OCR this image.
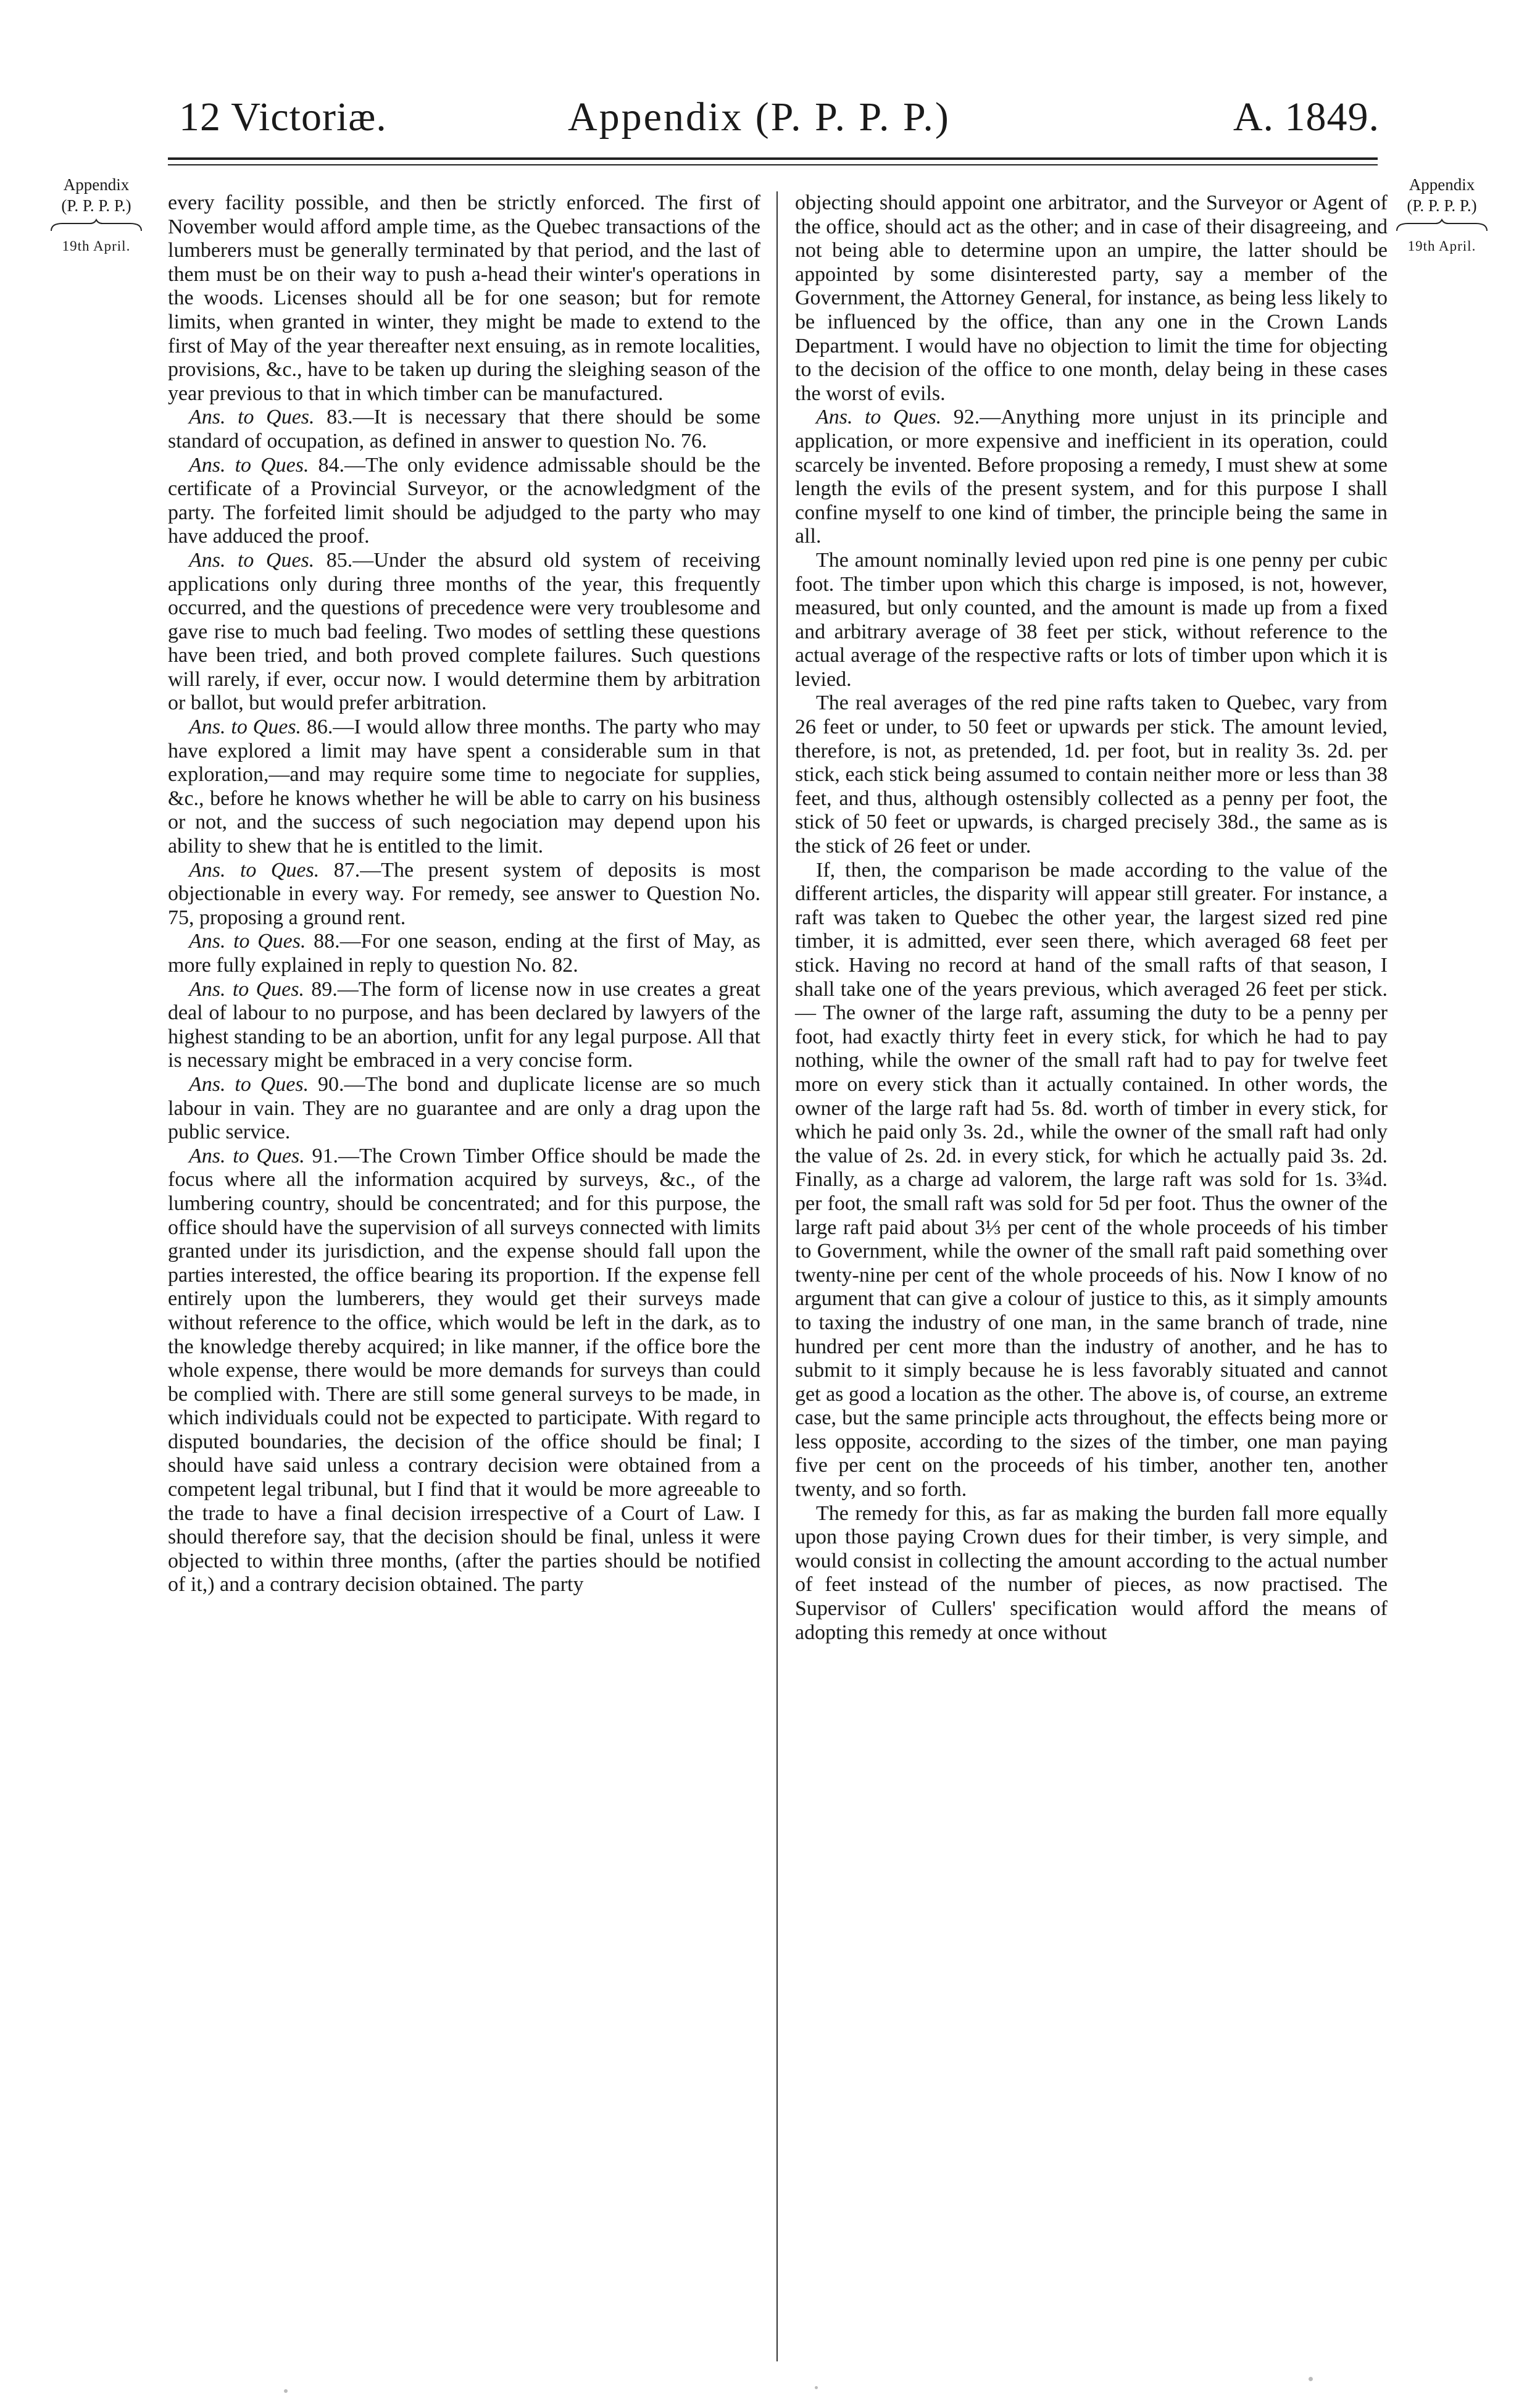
12 Victoriæ.	Appendix (P. P. P. P.)	A. 1849.
Appendix
(P. P. P. P.)
19th April.
Appendix
(P. P. P. P.)
19th April.

every facility possible, and then be strictly enforced. The first of November would afford ample time, as the Quebec transactions of the lumberers must be generally terminated by that period, and the last of them must be on their way to push a-head their winter's operations in the woods. Licenses should all be for one season; but for remote limits, when granted in winter, they might be made to extend to the first of May of the year thereafter next ensuing, as in remote localities, provisions, &c., have to be taken up during the sleighing season of the year previous to that in which timber can be manufactured.

Ans. to Ques. 83.—It is necessary that there should be some standard of occupation, as defined in answer to question No. 76.

Ans. to Ques. 84.—The only evidence admissable should be the certificate of a Provincial Surveyor, or the acnowledgment of the party. The forfeited limit should be adjudged to the party who may have adduced the proof.

Ans. to Ques. 85.—Under the absurd old system of receiving applications only during three months of the year, this frequently occurred, and the questions of precedence were very troublesome and gave rise to much bad feeling. Two modes of settling these questions have been tried, and both proved complete failures. Such questions will rarely, if ever, occur now. I would determine them by arbitration or ballot, but would prefer arbitration.

Ans. to Ques. 86.—I would allow three months. The party who may have explored a limit may have spent a considerable sum in that exploration,—and may require some time to negociate for supplies, &c., before he knows whether he will be able to carry on his business or not, and the success of such negociation may depend upon his ability to shew that he is entitled to the limit.

Ans. to Ques. 87.—The present system of deposits is most objectionable in every way. For remedy, see answer to Question No. 75, proposing a ground rent.

Ans. to Ques. 88.—For one season, ending at the first of May, as more fully explained in reply to question No. 82.

Ans. to Ques. 89.—The form of license now in use creates a great deal of labour to no purpose, and has been declared by lawyers of the highest standing to be an abortion, unfit for any legal purpose. All that is necessary might be embraced in a very concise form.

Ans. to Ques. 90.—The bond and duplicate license are so much labour in vain. They are no guarantee and are only a drag upon the public service.

Ans. to Ques. 91.—The Crown Timber Office should be made the focus where all the information acquired by surveys, &c., of the lumbering country, should be concentrated; and for this purpose, the office should have the supervision of all surveys connected with limits granted under its jurisdiction, and the expense should fall upon the parties interested, the office bearing its proportion. If the expense fell entirely upon the lumberers, they would get their surveys made without reference to the office, which would be left in the dark, as to the knowledge thereby acquired; in like manner, if the office bore the whole expense, there would be more demands for surveys than could be complied with. There are still some general surveys to be made, in which individuals could not be expected to participate. With regard to disputed boundaries, the decision of the office should be final; I should have said unless a contrary decision were obtained from a competent legal tribunal, but I find that it would be more agreeable to the trade to have a final decision irrespective of a Court of Law. I should therefore say, that the decision should be final, unless it were objected to within three months, (after the parties should be notified of it,) and a contrary decision obtained. The party

objecting should appoint one arbitrator, and the Surveyor or Agent of the office, should act as the other; and in case of their disagreeing, and not being able to determine upon an umpire, the latter should be appointed by some disinterested party, say a member of the Government, the Attorney General, for instance, as being less likely to be influenced by the office, than any one in the Crown Lands Department. I would have no objection to limit the time for objecting to the decision of the office to one month, delay being in these cases the worst of evils.

Ans. to Ques. 92.—Anything more unjust in its principle and application, or more expensive and inefficient in its operation, could scarcely be invented. Before proposing a remedy, I must shew at some length the evils of the present system, and for this purpose I shall confine myself to one kind of timber, the principle being the same in all.

The amount nominally levied upon red pine is one penny per cubic foot. The timber upon which this charge is imposed, is not, however, measured, but only counted, and the amount is made up from a fixed and arbitrary average of 38 feet per stick, without reference to the actual average of the respective rafts or lots of timber upon which it is levied.

The real averages of the red pine rafts taken to Quebec, vary from 26 feet or under, to 50 feet or upwards per stick. The amount levied, therefore, is not, as pretended, 1d. per foot, but in reality 3s. 2d. per stick, each stick being assumed to contain neither more or less than 38 feet, and thus, although ostensibly collected as a penny per foot, the stick of 50 feet or upwards, is charged precisely 38d., the same as is the stick of 26 feet or under.

If, then, the comparison be made according to the value of the different articles, the disparity will appear still greater. For instance, a raft was taken to Quebec the other year, the largest sized red pine timber, it is admitted, ever seen there, which averaged 68 feet per stick. Having no record at hand of the small rafts of that season, I shall take one of the years previous, which averaged 26 feet per stick.— The owner of the large raft, assuming the duty to be a penny per foot, had exactly thirty feet in every stick, for which he had to pay nothing, while the owner of the small raft had to pay for twelve feet more on every stick than it actually contained. In other words, the owner of the large raft had 5s. 8d. worth of timber in every stick, for which he paid only 3s. 2d., while the owner of the small raft had only the value of 2s. 2d. in every stick, for which he actually paid 3s. 2d. Finally, as a charge ad valorem, the large raft was sold for 1s. 3¾d. per foot, the small raft was sold for 5d per foot. Thus the owner of the large raft paid about 3⅓ per cent of the whole proceeds of his timber to Government, while the owner of the small raft paid something over twenty-nine per cent of the whole proceeds of his. Now I know of no argument that can give a colour of justice to this, as it simply amounts to taxing the industry of one man, in the same branch of trade, nine hundred per cent more than the industry of another, and he has to submit to it simply because he is less favorably situated and cannot get as good a location as the other. The above is, of course, an extreme case, but the same principle acts throughout, the effects being more or less opposite, according to the sizes of the timber, one man paying five per cent on the proceeds of his timber, another ten, another twenty, and so forth.

The remedy for this, as far as making the burden fall more equally upon those paying Crown dues for their timber, is very simple, and would consist in collecting the amount according to the actual number of feet instead of the number of pieces, as now practised. The Supervisor of Cullers' specification would afford the means of adopting this remedy at once without
